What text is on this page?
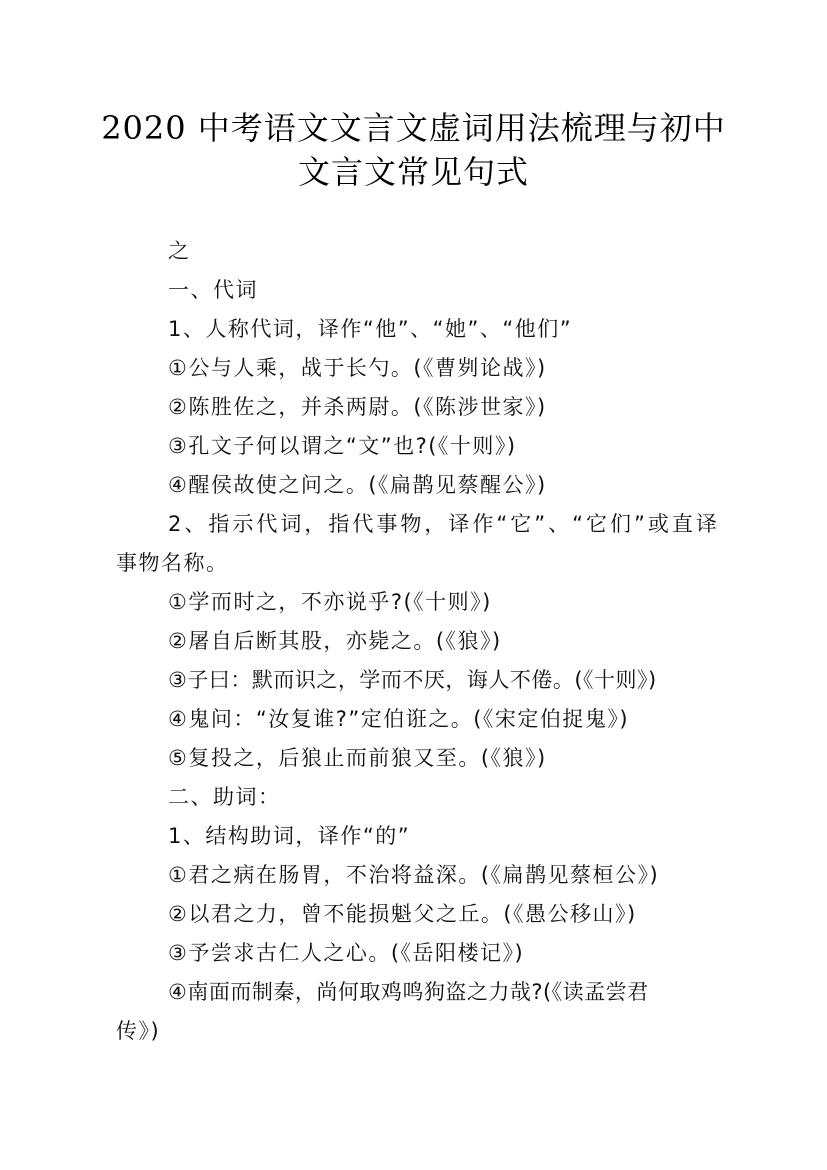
2020 中考语文文言文虚词用法梳理与初中
文言文常见句式

之

一、代词

1、人称代词，译作“他”、“她”、“他们”

①公与人乘，战于长勺。(《曹刿论战》)

②陈胜佐之，并杀两尉。(《陈涉世家》)

③孔文子何以谓之“文”也?(《十则》)

④醒侯故使之问之。(《扁鹊见蔡醒公》)

2、指示代词，指代事物，译作“它”、“它们”或直译

事物名称。

①学而时之，不亦说乎?(《十则》)

②屠自后断其股，亦毙之。(《狼》)

③子曰：默而识之，学而不厌，诲人不倦。(《十则》)

④鬼问：“汝复谁?”定伯诳之。(《宋定伯捉鬼》)

⑤复投之，后狼止而前狼又至。(《狼》)

二、助词：

1、结构助词，译作“的”

①君之病在肠胃，不治将益深。(《扁鹊见蔡桓公》)

②以君之力，曾不能损魁父之丘。(《愚公移山》)

③予尝求古仁人之心。(《岳阳楼记》)

④南面而制秦，尚何取鸡鸣狗盗之力哉?(《读孟尝君

传》)
